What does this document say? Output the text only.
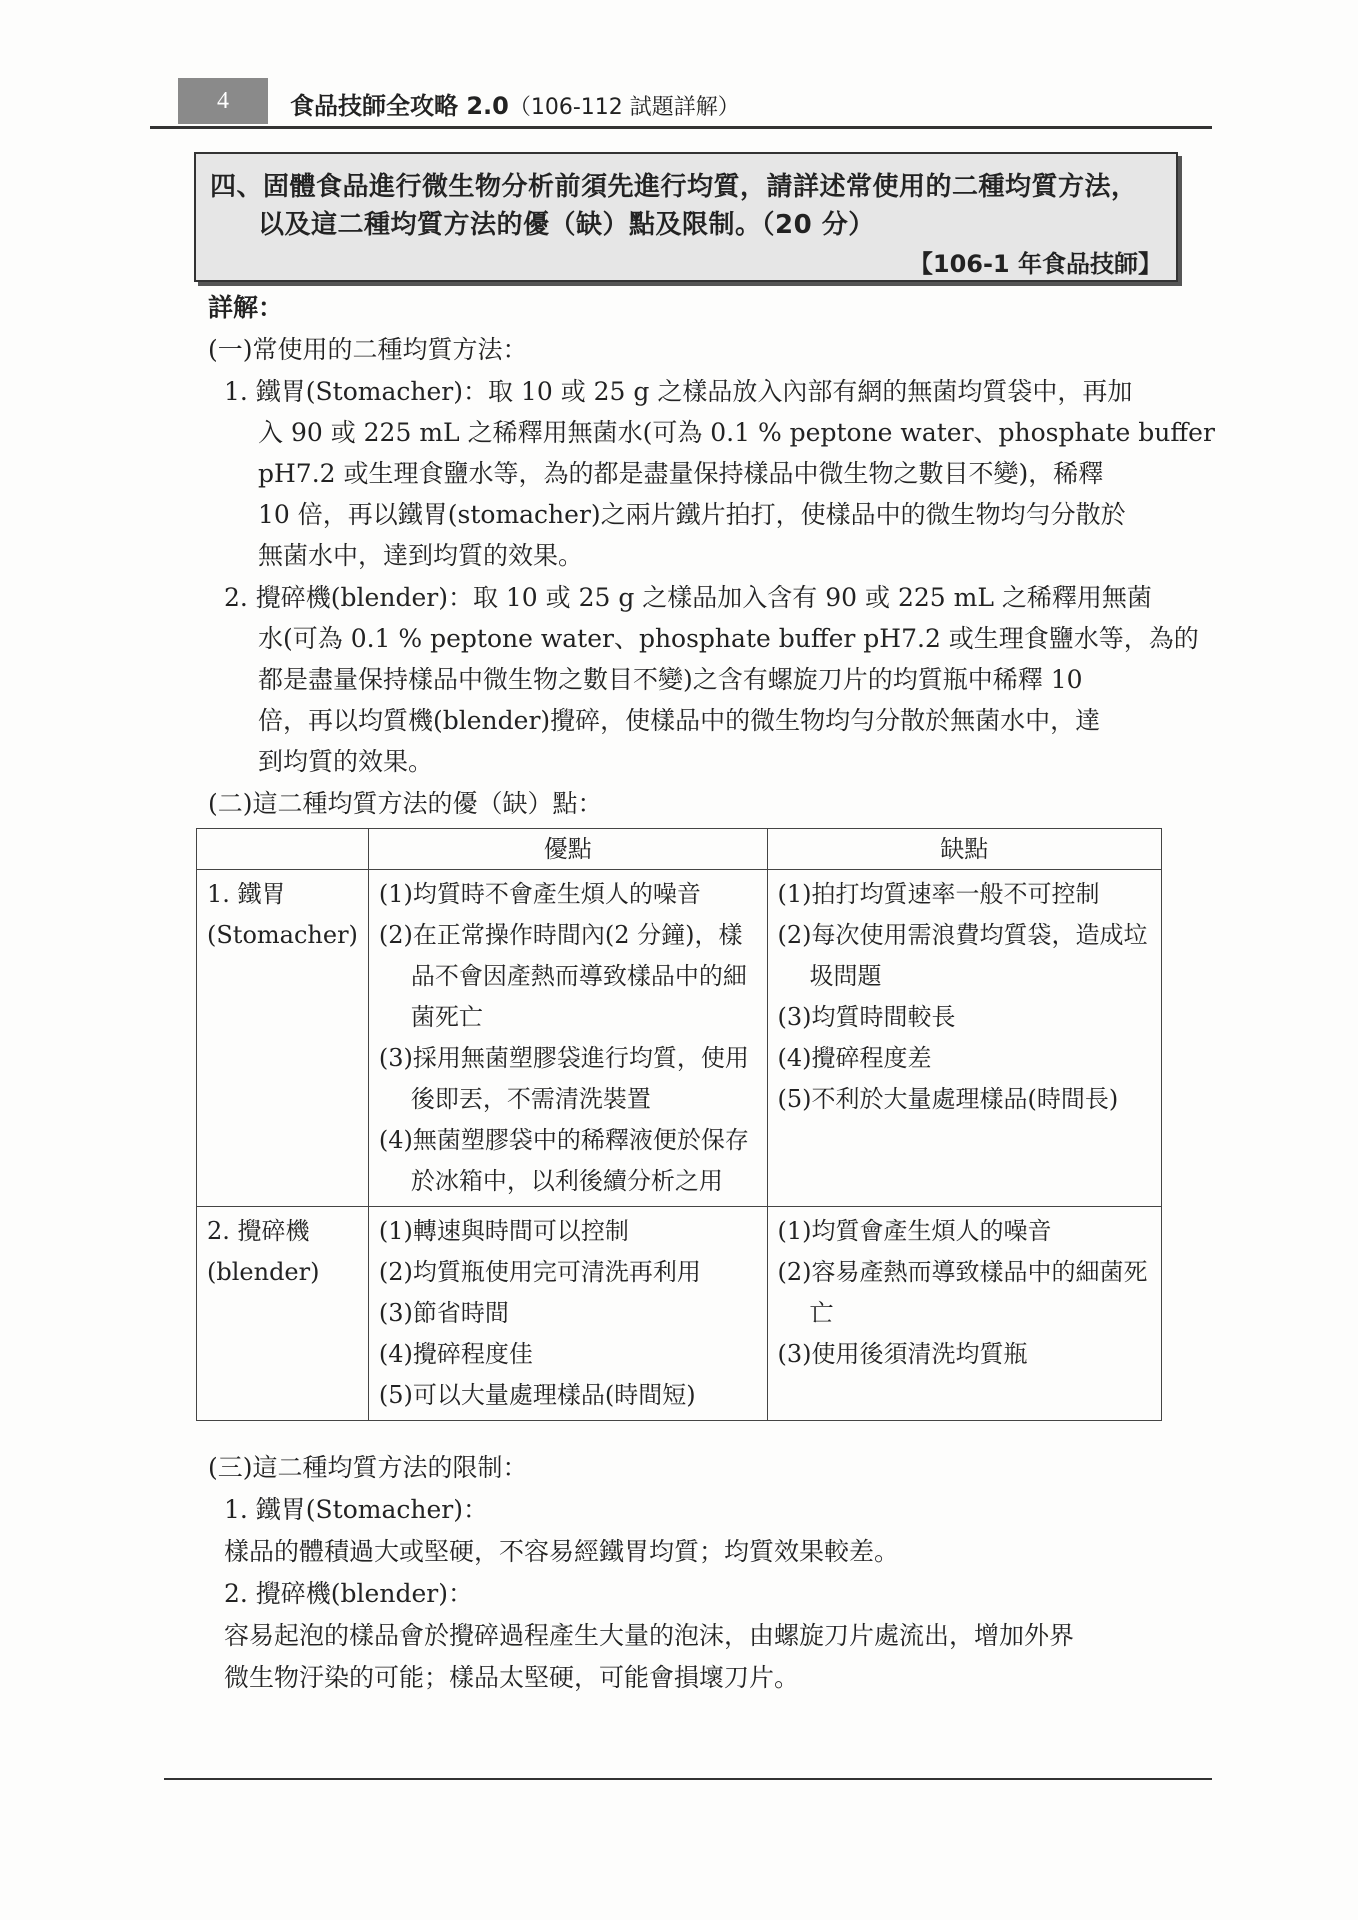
4	食品技師全攻略 2.0（106-112 試題詳解）
四、固體食品進行微生物分析前須先進行均質，請詳述常使用的二種均質方法，
以及這二種均質方法的優（缺）點及限制。（20 分）
【106-1 年食品技師】
詳解：
(一)常使用的二種均質方法：
1. 鐵胃(Stomacher)：取 10 或 25 g 之樣品放入內部有網的無菌均質袋中，再加
入 90 或 225 mL 之稀釋用無菌水(可為 0.1 % peptone water、phosphate buffer
pH7.2 或生理食鹽水等，為的都是盡量保持樣品中微生物之數目不變)，稀釋
10 倍，再以鐵胃(stomacher)之兩片鐵片拍打，使樣品中的微生物均勻分散於
無菌水中，達到均質的效果。
2. 攪碎機(blender)：取 10 或 25 g 之樣品加入含有 90 或 225 mL 之稀釋用無菌
水(可為 0.1 % peptone water、phosphate buffer pH7.2 或生理食鹽水等，為的
都是盡量保持樣品中微生物之數目不變)之含有螺旋刀片的均質瓶中稀釋 10
倍，再以均質機(blender)攪碎，使樣品中的微生物均勻分散於無菌水中，達
到均質的效果。
(二)這二種均質方法的優（缺）點：
	優點	缺點

1. 鐵胃
(Stomacher)	(1)均質時不會產生煩人的噪音
(2)在正常操作時間內(2 分鐘)，樣品不會因產熱而導致樣品中的細菌死亡
(3)採用無菌塑膠袋進行均質，使用後即丟，不需清洗裝置
(4)無菌塑膠袋中的稀釋液便於保存於冰箱中，以利後續分析之用	(1)拍打均質速率一般不可控制
(2)每次使用需浪費均質袋，造成垃圾問題
(3)均質時間較長
(4)攪碎程度差
(5)不利於大量處理樣品(時間長)

2. 攪碎機
(blender)	(1)轉速與時間可以控制
(2)均質瓶使用完可清洗再利用
(3)節省時間
(4)攪碎程度佳
(5)可以大量處理樣品(時間短)	(1)均質會產生煩人的噪音
(2)容易產熱而導致樣品中的細菌死亡
(3)使用後須清洗均質瓶
(三)這二種均質方法的限制：
1. 鐵胃(Stomacher)：
樣品的體積過大或堅硬，不容易經鐵胃均質；均質效果較差。
2. 攪碎機(blender)：
容易起泡的樣品會於攪碎過程產生大量的泡沫，由螺旋刀片處流出，增加外界
微生物汙染的可能；樣品太堅硬，可能會損壞刀片。
